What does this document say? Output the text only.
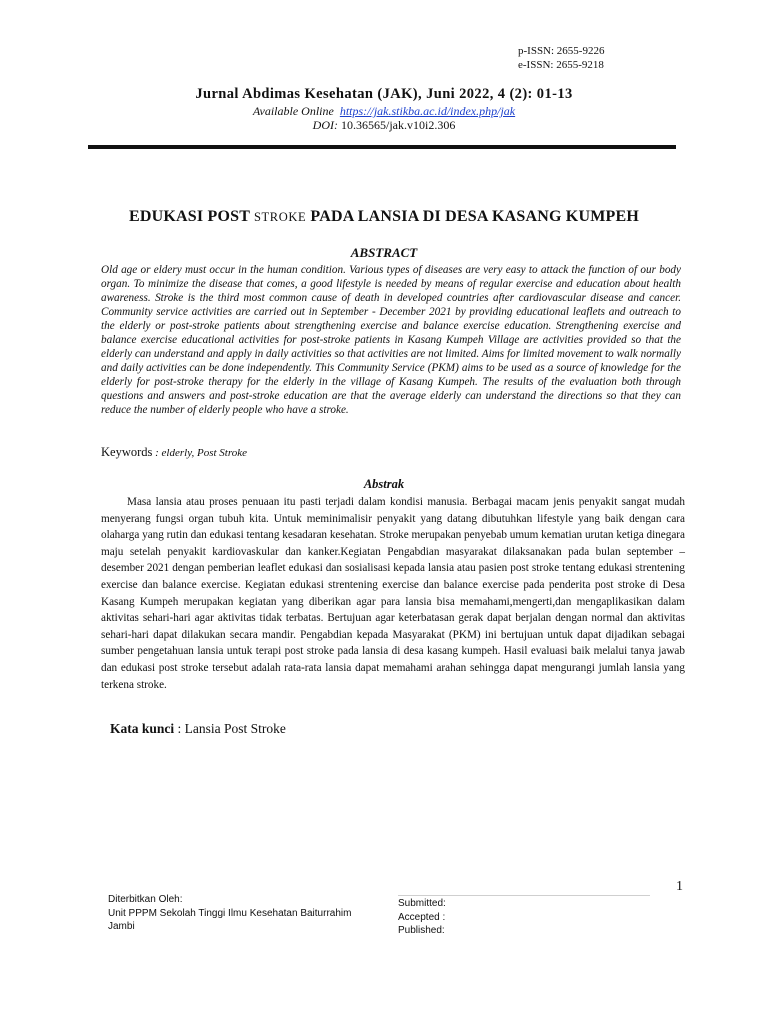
p-ISSN: 2655-9226
e-ISSN: 2655-9218
Jurnal Abdimas Kesehatan (JAK), Juni 2022, 4 (2): 01-13
Available Online https://jak.stikba.ac.id/index.php/jak
DOI: 10.36565/jak.v10i2.306
EDUKASI POST STROKE PADA LANSIA DI DESA KASANG KUMPEH
ABSTRACT
Old age or eldery must occur in the human condition. Various types of diseases are very easy to attack the function of our body organ. To minimize the disease that comes, a good lifestyle is needed by means of regular exercise and education about health awareness. Stroke is the third most common cause of death in developed countries after cardiovascular disease and cancer. Community service activities are carried out in September - December 2021 by providing educational leaflets and outreach to the elderly or post-stroke patients about strengthening exercise and balance exercise education. Strengthening exercise and balance exercise educational activities for post-stroke patients in Kasang Kumpeh Village are activities provided so that the elderly can understand and apply in daily activities so that activities are not limited. Aims for limited movement to walk normally and daily activities can be done independently. This Community Service (PKM) aims to be used as a source of knowledge for the elderly for post-stroke therapy for the elderly in the village of Kasang Kumpeh. The results of the evaluation both through questions and answers and post-stroke education are that the average elderly can understand the directions so that they can reduce the number of elderly people who have a stroke.
Keywords : elderly, Post Stroke
Abstrak
Masa lansia atau proses penuaan itu pasti terjadi dalam kondisi manusia. Berbagai macam jenis penyakit sangat mudah menyerang fungsi organ tubuh kita. Untuk meminimalisir penyakit yang datang dibutuhkan lifestyle yang baik dengan cara olaharga yang rutin dan edukasi tentang kesadaran kesehatan. Stroke merupakan penyebab umum kematian urutan ketiga dinegara maju setelah penyakit kardiovaskular dan kanker.Kegiatan Pengabdian masyarakat dilaksanakan pada bulan september – desember 2021 dengan pemberian leaflet edukasi dan sosialisasi kepada lansia atau pasien post stroke tentang edukasi strentening exercise dan balance exercise. Kegiatan edukasi strentening exercise dan balance exercise pada penderita post stroke di Desa Kasang Kumpeh merupakan kegiatan yang diberikan agar para lansia bisa memahami,mengerti,dan mengaplikasikan dalam aktivitas sehari-hari agar aktivitas tidak terbatas. Bertujuan agar keterbatasan gerak dapat berjalan dengan normal dan aktivitas sehari-hari dapat dilakukan secara mandir. Pengabdian kepada Masyarakat (PKM) ini bertujuan untuk dapat dijadikan sebagai sumber pengetahuan lansia untuk terapi post stroke pada lansia di desa kasang kumpeh. Hasil evaluasi baik melalui tanya jawab dan edukasi post stroke tersebut adalah rata-rata lansia dapat memahami arahan sehingga dapat mengurangi jumlah lansia yang terkena stroke.
Kata kunci : Lansia Post Stroke
1
Diterbitkan Oleh:
Unit PPPM Sekolah Tinggi Ilmu Kesehatan Baiturrahim
Jambi
Submitted:
Accepted :
Published:
